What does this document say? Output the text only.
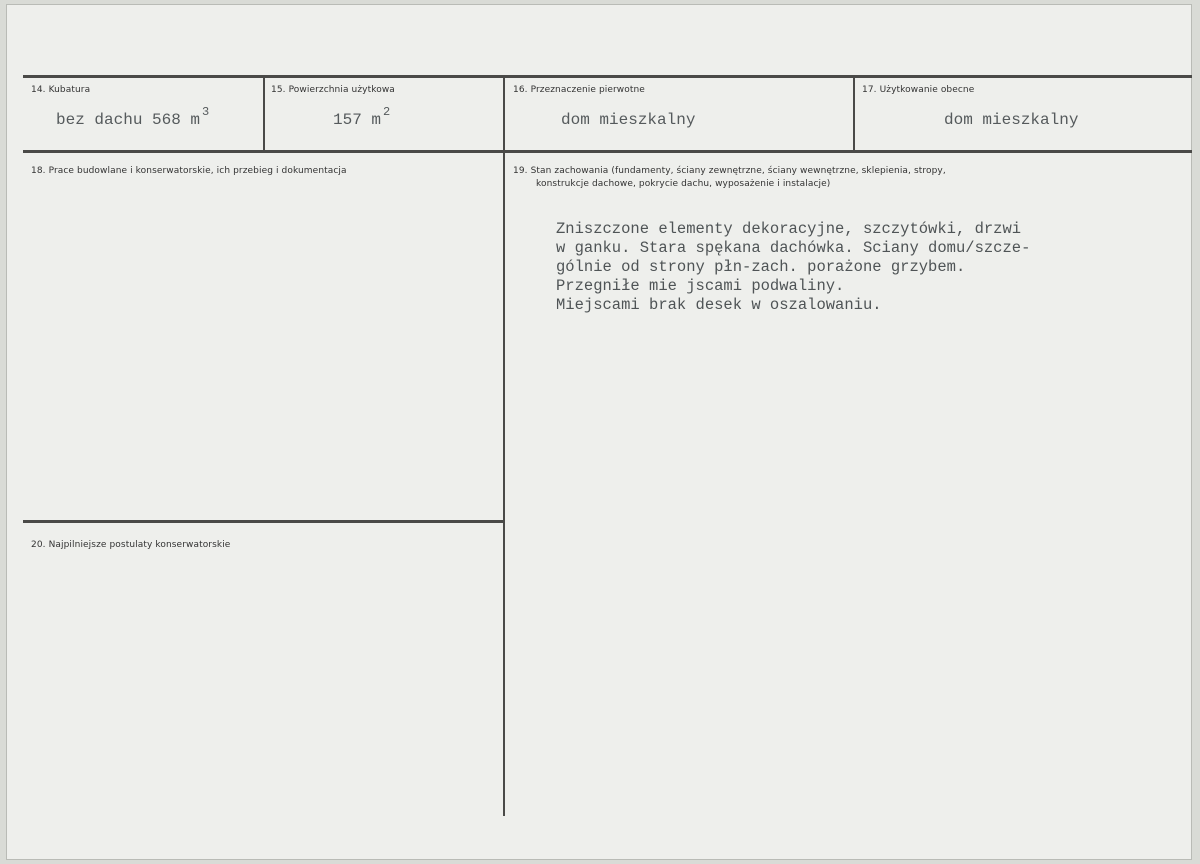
14. Kubatura
bez dachu 568 m $^3$
15. Powierzchnia użytkowa
157 m $^2$
16. Przeznaczenie pierwotne
dom mieszkalny
17. Użytkowanie obecne
dom mieszkalny
18. Prace budowlane i konserwatorskie, ich przebieg i dokumentacja	19. Stan zachowania (fundamenty, ściany zewnętrzne, ściany wewnętrzne, sklepienia, stropy,
konstrukcje dachowe, pokrycie dachu, wyposażenie i instalacje)
Zniszczone elementy dekoracyjne, szczytówki, drzwi
w ganku. Stara spękana dachówka. Sciany domu/szcze-
gólnie od strony płn-zach. porażone grzybem.
Przegniłe mie jscami podwaliny.
Miejscami brak desek w oszalowaniu.
20. Najpilniejsze postulaty konserwatorskie
